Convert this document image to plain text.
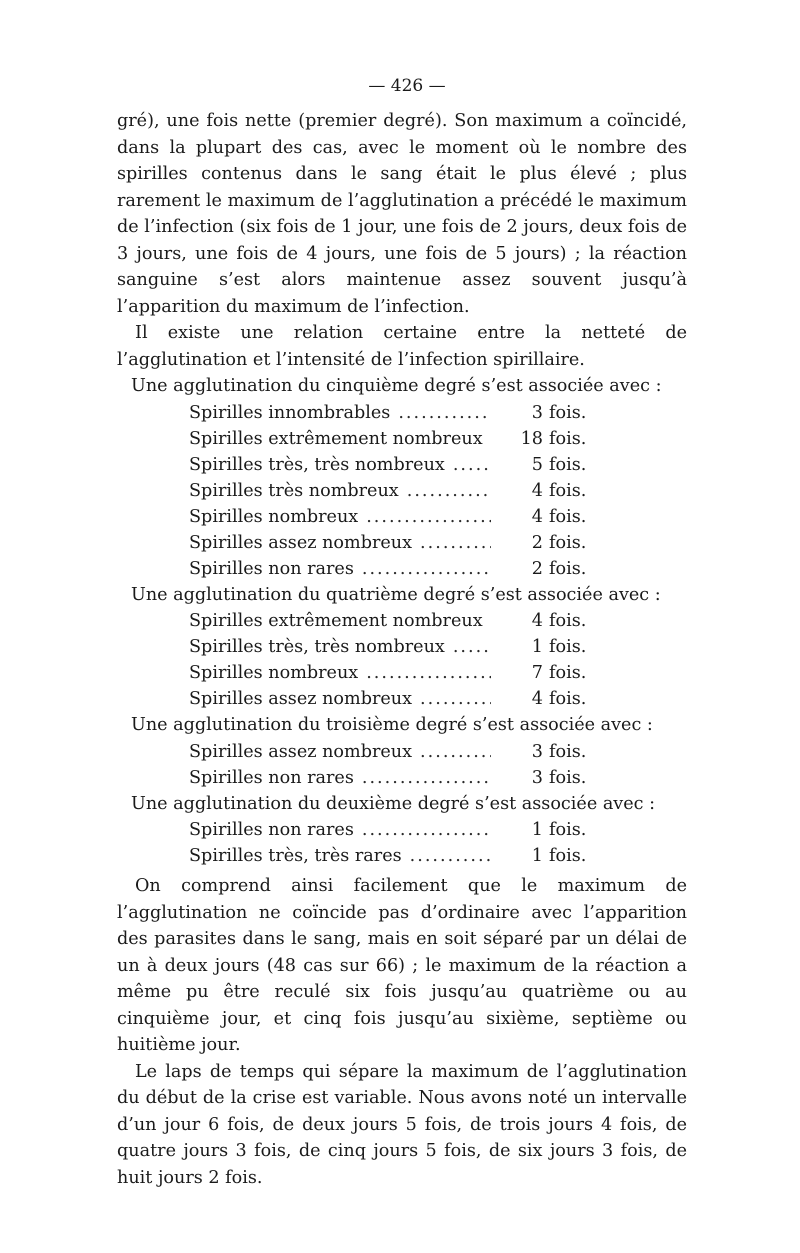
— 426 —

gré), une fois nette (premier degré). Son maximum a coïncidé, dans la plupart des cas, avec le moment où le nombre des spirilles contenus dans le sang était le plus élevé ; plus rarement le maximum de l’agglutination a précédé le maximum de l’infection (six fois de 1 jour, une fois de 2 jours, deux fois de 3 jours, une fois de 4 jours, une fois de 5 jours) ; la réaction sanguine s’est alors maintenue assez souvent jusqu’à l’apparition du maximum de l’infection.

Il existe une relation certaine entre la netteté de l’agglutination et l’intensité de l’infection spirillaire.

Une agglutination du cinquième degré s’est associée avec :
Spirilles innombrables .....	3 fois.
Spirilles extrêmement nombreux .....	18 fois.
Spirilles très, très nombreux .....	5 fois.
Spirilles très nombreux .....	4 fois.
Spirilles nombreux .....	4 fois.
Spirilles assez nombreux .....	2 fois.
Spirilles non rares .....	2 fois.
Une agglutination du quatrième degré s’est associée avec :
Spirilles extrêmement nombreux .....	4 fois.
Spirilles très, très nombreux .....	1 fois.
Spirilles nombreux .....	7 fois.
Spirilles assez nombreux .....	4 fois.
Une agglutination du troisième degré s’est associée avec :
Spirilles assez nombreux .....	3 fois.
Spirilles non rares .....	3 fois.
Une agglutination du deuxième degré s’est associée avec :
Spirilles non rares .....	1 fois.
Spirilles très, très rares .....	1 fois.

On comprend ainsi facilement que le maximum de l’agglutination ne coïncide pas d’ordinaire avec l’apparition des parasites dans le sang, mais en soit séparé par un délai de un à deux jours (48 cas sur 66) ; le maximum de la réaction a même pu être reculé six fois jusqu’au quatrième ou au cinquième jour, et cinq fois jusqu’au sixième, septième ou huitième jour.

Le laps de temps qui sépare la maximum de l’agglutination du début de la crise est variable. Nous avons noté un intervalle d’un jour 6 fois, de deux jours 5 fois, de trois jours 4 fois, de quatre jours 3 fois, de cinq jours 5 fois, de six jours 3 fois, de huit jours 2 fois.
